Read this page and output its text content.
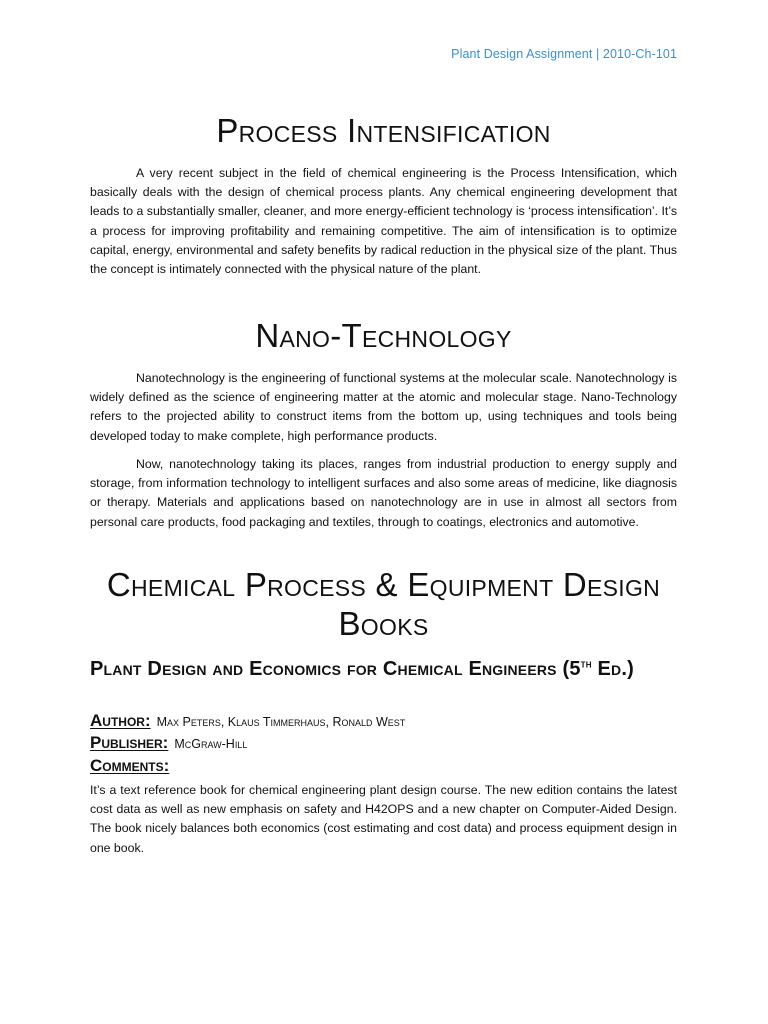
Plant Design Assignment | 2010-Ch-101
Process Intensification

A very recent subject in the field of chemical engineering is the Process Intensification, which basically deals with the design of chemical process plants. Any chemical engineering development that leads to a substantially smaller, cleaner, and more energy-efficient technology is ‘process intensification’. It’s a process for improving profitability and remaining competitive. The aim of intensification is to optimize capital, energy, environmental and safety benefits by radical reduction in the physical size of the plant. Thus the concept is intimately connected with the physical nature of the plant.

Nano-Technology

Nanotechnology is the engineering of functional systems at the molecular scale. Nanotechnology is widely defined as the science of engineering matter at the atomic and molecular stage. Nano-Technology refers to the projected ability to construct items from the bottom up, using techniques and tools being developed today to make complete, high performance products.

Now, nanotechnology taking its places, ranges from industrial production to energy supply and storage, from information technology to intelligent surfaces and also some areas of medicine, like diagnosis or therapy. Materials and applications based on nanotechnology are in use in almost all sectors from personal care products, food packaging and textiles, through to coatings, electronics and automotive.

Chemical Process & Equipment Design Books
Plant Design and Economics for Chemical Engineers (5th Ed.)
Author: Max Peters, Klaus Timmerhaus, Ronald West
Publisher: McGraw-Hill
Comments:

It’s a text reference book for chemical engineering plant design course. The new edition contains the latest cost data as well as new emphasis on safety and H42OPS and a new chapter on Computer-Aided Design. The book nicely balances both economics (cost estimating and cost data) and process equipment design in one book.
